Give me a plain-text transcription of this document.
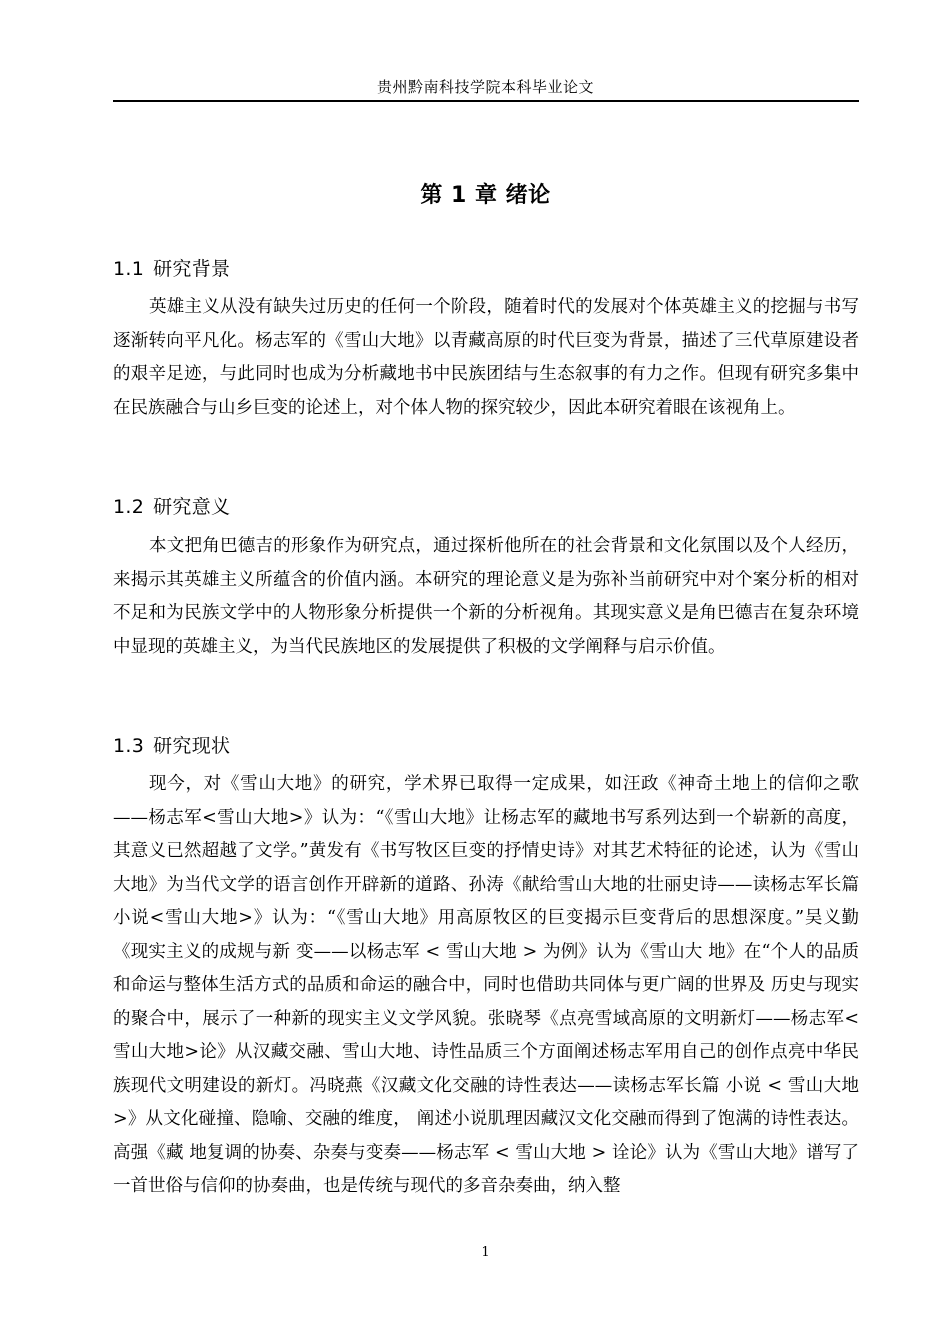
贵州黔南科技学院本科毕业论文
第 1 章 绪论
1.1 研究背景

英雄主义从没有缺失过历史的任何一个阶段，随着时代的发展对个体英雄主义的挖掘与书写逐渐转向平凡化。杨志军的《雪山大地》以青藏高原的时代巨变为背景，描述了三代草原建设者的艰辛足迹，与此同时也成为分析藏地书中民族团结与生态叙事的有力之作。但现有研究多集中在民族融合与山乡巨变的论述上，对个体人物的探究较少，因此本研究着眼在该视角上。

1.2 研究意义

本文把角巴德吉的形象作为研究点，通过探析他所在的社会背景和文化氛围以及个人经历，来揭示其英雄主义所蕴含的价值内涵。本研究的理论意义是为弥补当前研究中对个案分析的相对不足和为民族文学中的人物形象分析提供一个新的分析视角。其现实意义是角巴德吉在复杂环境中显现的英雄主义，为当代民族地区的发展提供了积极的文学阐释与启示价值。

1.3 研究现状

现今，对《雪山大地》的研究，学术界已取得一定成果，如汪政《神奇土地上的信仰之歌——杨志军<雪山大地>》认为：“《雪山大地》让杨志军的藏地书写系列达到一个崭新的高度，其意义已然超越了文学。”黄发有《书写牧区巨变的抒情史诗》对其艺术特征的论述，认为《雪山大地》为当代文学的语言创作开辟新的道路、孙涛《献给雪山大地的壮丽史诗——读杨志军长篇小说<雪山大地>》认为：“《雪山大地》用高原牧区的巨变揭示巨变背后的思想深度。”吴义勤《现实主义的成规与新 变——以杨志军 < 雪山大地 > 为例》认为《雪山大 地》在“个人的品质和命运与整体生活方式的品质和命运的融合中，同时也借助共同体与更广阔的世界及 历史与现实的聚合中，展示了一种新的现实主义文学风貌。张晓琴《点亮雪域高原的文明新灯——杨志军<雪山大地>论》从汉藏交融、雪山大地、诗性品质三个方面阐述杨志军用自己的创作点亮中华民族现代文明建设的新灯。冯晓燕《汉藏文化交融的诗性表达——读杨志军长篇 小说 < 雪山大地 >》从文化碰撞、隐喻、交融的维度， 阐述小说肌理因藏汉文化交融而得到了饱满的诗性表达。高强《藏 地复调的协奏、杂奏与变奏——杨志军 < 雪山大地 > 诠论》认为《雪山大地》谱写了一首世俗与信仰的协奏曲，也是传统与现代的多音杂奏曲，纳入整

1
